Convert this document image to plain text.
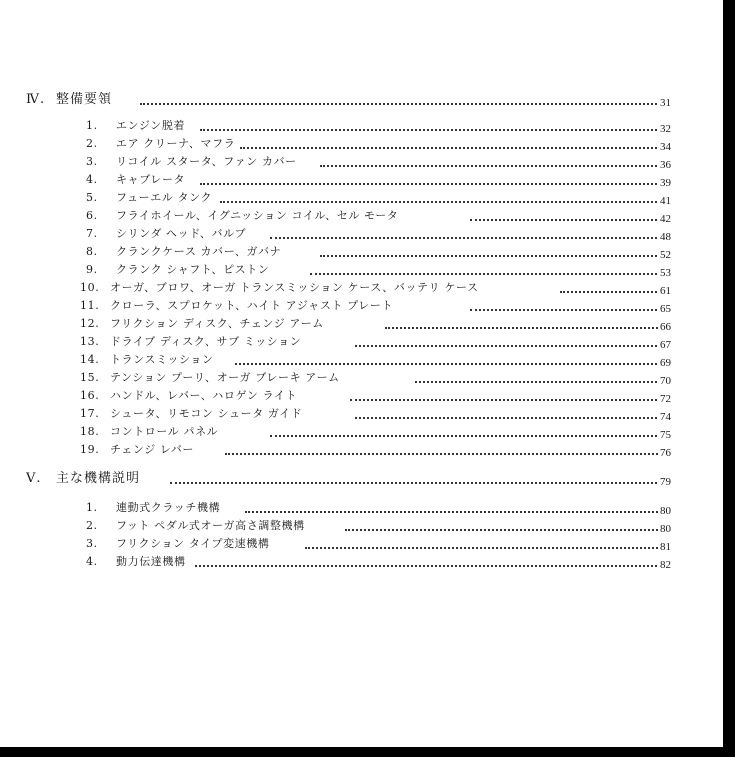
Ⅳ. 整備要領	31
1. エンジン脱着	32
2. エア クリーナ、マフラ	34
3. リコイル スタータ、ファン カバー	36
4. キャブレータ	39
5. フューエル タンク	41
6. フライホイール、イグニッション コイル、セル モータ	42
7. シリンダ ヘッド、バルブ	48
8. クランクケース カバー、ガバナ	52
9. クランク シャフト、ピストン	53
10. オーガ、ブロワ、オーガ トランスミッション ケース、バッテリ ケース	61
11. クローラ、スプロケット、ハイト アジャスト プレート	65
12. フリクション ディスク、チェンジ アーム	66
13. ドライブ ディスク、サブ ミッション	67
14. トランスミッション	69
15. テンション プーリ、オーガ ブレーキ アーム	70
16. ハンドル、レバー、ハロゲン ライト	72
17. シュータ、リモコン シュータ ガイド	74
18. コントロール パネル	75
19. チェンジ レバー	76
Ⅴ. 主な機構説明	79
1. 連動式クラッチ機構	80
2. フット ペダル式オーガ高さ調整機構	80
3. フリクション タイプ変速機構	81
4. 動力伝達機構	82
